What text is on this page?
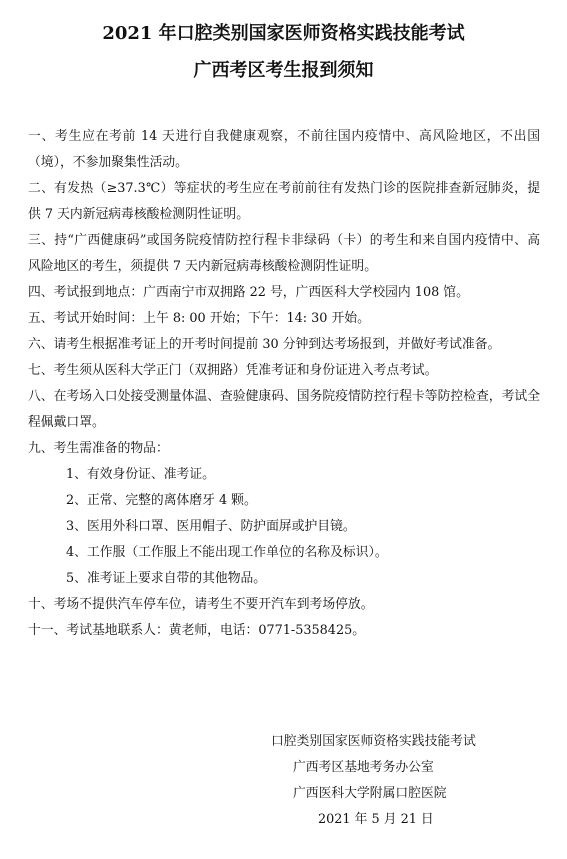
2021 年口腔类别国家医师资格实践技能考试
广西考区考生报到须知
一、考生应在考前 14 天进行自我健康观察，不前往国内疫情中、高风险地区，不出国（境），不参加聚集性活动。
二、有发热（≥37.3℃）等症状的考生应在考前前往有发热门诊的医院排查新冠肺炎，提供 7 天内新冠病毒核酸检测阴性证明。
三、持“广西健康码”或国务院疫情防控行程卡非绿码（卡）的考生和来自国内疫情中、高风险地区的考生，须提供 7 天内新冠病毒核酸检测阴性证明。
四、考试报到地点：广西南宁市双拥路 22 号，广西医科大学校园内 108 馆。
五、考试开始时间：上午 8: 00 开始；下午：14: 30 开始。
六、请考生根据准考证上的开考时间提前 30 分钟到达考场报到，并做好考试准备。
七、考生须从医科大学正门（双拥路）凭准考证和身份证进入考点考试。
八、在考场入口处接受测量体温、查验健康码、国务院疫情防控行程卡等防控检查，考试全程佩戴口罩。
九、考生需准备的物品：
1、有效身份证、准考证。
2、正常、完整的离体磨牙 4 颗。
3、医用外科口罩、医用帽子、防护面屏或护目镜。
4、工作服（工作服上不能出现工作单位的名称及标识）。
5、准考证上要求自带的其他物品。
十、考场不提供汽车停车位，请考生不要开汽车到考场停放。
十一、考试基地联系人：黄老师，电话：0771-5358425。
口腔类别国家医师资格实践技能考试
广西考区基地考务办公室
广西医科大学附属口腔医院
2021 年 5 月 21 日
